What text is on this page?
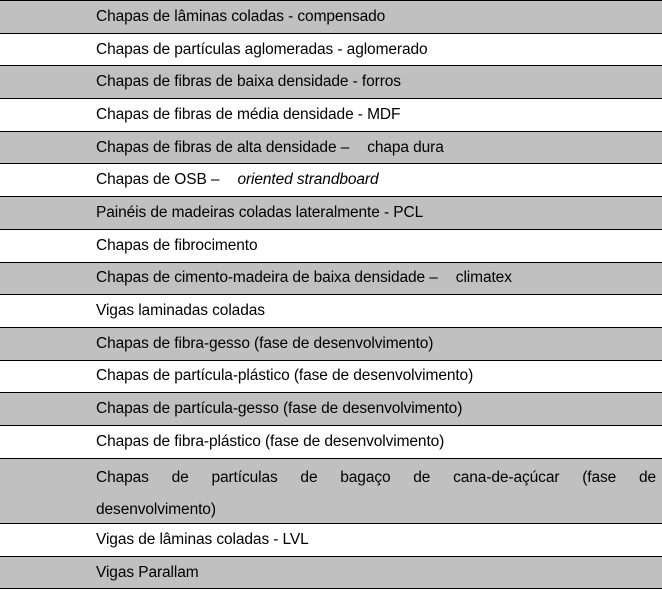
Chapas de lâminas coladas - compensado
Chapas de partículas aglomeradas - aglomerado
Chapas de fibras de baixa densidade - forros
Chapas de fibras de média densidade - MDF
Chapas de fibras de alta densidade – chapa dura
Chapas de OSB – oriented strandboard
Painéis de madeiras coladas lateralmente - PCL
Chapas de fibrocimento
Chapas de cimento-madeira de baixa densidade – climatex
Vigas laminadas coladas
Chapas de fibra-gesso (fase de desenvolvimento)
Chapas de partícula-plástico (fase de desenvolvimento)
Chapas de partícula-gesso (fase de desenvolvimento)
Chapas de fibra-plástico (fase de desenvolvimento)
Chapas de partículas de bagaço de cana-de-açúcar (fase de
desenvolvimento)
Vigas de lâminas coladas - LVL
Vigas Parallam
